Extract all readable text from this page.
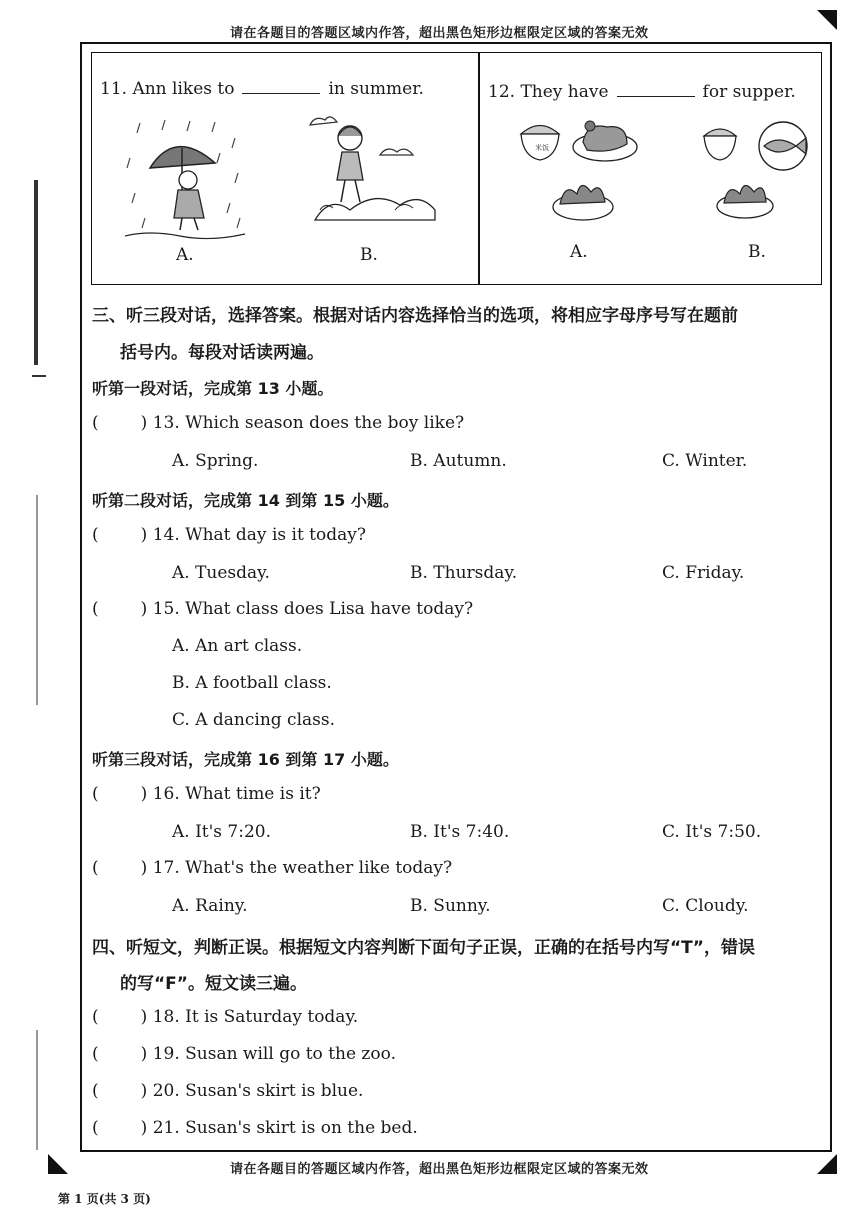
请在各题目的答题区域内作答，超出黑色矩形边框限定区域的答案无效
11. Ann likes to	in summer.
A.	B.
12. They have	for supper.
米饭
A.	B.
三、听三段对话，选择答案。根据对话内容选择恰当的选项，将相应字母序号写在题前
括号内。每段对话读两遍。
听第一段对话，完成第 13 小题。
( ) 13. Which season does the boy like?
A. Spring.	B. Autumn.	C. Winter.
听第二段对话，完成第 14 到第 15 小题。
( ) 14. What day is it today?
A. Tuesday.	B. Thursday.	C. Friday.
( ) 15. What class does Lisa have today?
A. An art class.
B. A football class.
C. A dancing class.
听第三段对话，完成第 16 到第 17 小题。
( ) 16. What time is it?
A. It's 7:20.	B. It's 7:40.	C. It's 7:50.
( ) 17. What's the weather like today?
A. Rainy.	B. Sunny.	C. Cloudy.
四、听短文，判断正误。根据短文内容判断下面句子正误，正确的在括号内写“T”，错误
的写“F”。短文读三遍。
( ) 18. It is Saturday today.
( ) 19. Susan will go to the zoo.
( ) 20. Susan's skirt is blue.
( ) 21. Susan's skirt is on the bed.
请在各题目的答题区域内作答，超出黑色矩形边框限定区域的答案无效
第 1 页(共 3 页)
